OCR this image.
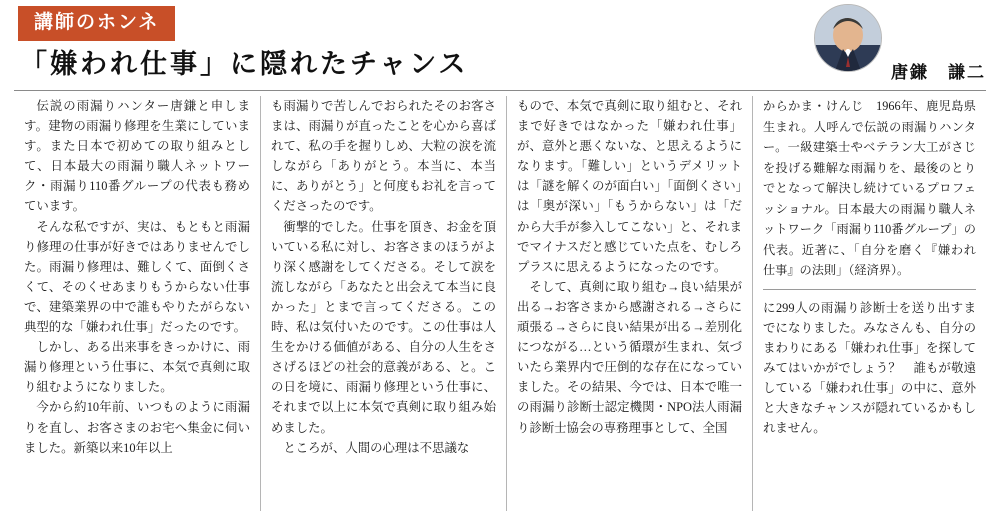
講師のホンネ
「嫌われ仕事」に隠れたチャンス	唐鎌　謙二

伝説の雨漏りハンター唐鎌と申します。建物の雨漏り修理を生業にしています。また日本で初めての取り組みとして、日本最大の雨漏り職人ネットワーク・雨漏り110番グループの代表も務めています。

そんな私ですが、実は、もともと雨漏り修理の仕事が好きではありませんでした。雨漏り修理は、難しくて、面倒くさくて、そのくせあまりもうからない仕事で、建築業界の中で誰もやりたがらない典型的な「嫌われ仕事」だったのです。

しかし、ある出来事をきっかけに、雨漏り修理という仕事に、本気で真剣に取り組むようになりました。

今から約10年前、いつものように雨漏りを直し、お客さまのお宅へ集金に伺いました。新築以来10年以上

も雨漏りで苦しんでおられたそのお客さまは、雨漏りが直ったことを心から喜ばれて、私の手を握りしめ、大粒の涙を流しながら「ありがとう。本当に、本当に、ありがとう」と何度もお礼を言ってくださったのです。

衝撃的でした。仕事を頂き、お金を頂いている私に対し、お客さまのほうがより深く感謝をしてくださる。そして涙を流しながら「あなたと出会えて本当に良かった」とまで言ってくださる。この時、私は気付いたのです。この仕事は人生をかける価値がある、自分の人生をささげるほどの社会的意義がある、と。この日を境に、雨漏り修理という仕事に、それまで以上に本気で真剣に取り組み始めました。

ところが、人間の心理は不思議な

もので、本気で真剣に取り組むと、それまで好きではなかった「嫌われ仕事」が、意外と悪くないな、と思えるようになります。「難しい」というデメリットは「謎を解くのが面白い」「面倒くさい」は「奥が深い」「もうからない」は「だから大手が参入してこない」と、それまでマイナスだと感じていた点を、むしろプラスに思えるようになったのです。

そして、真剣に取り組む→良い結果が出る→お客さまから感謝される→さらに頑張る→さらに良い結果が出る→差別化につながる…という循環が生まれ、気づいたら業界内で圧倒的な存在になっていました。その結果、今では、日本で唯一の雨漏り診断士認定機関・NPO法人雨漏り診断士協会の専務理事として、全国

からかま・けんじ　1966年、鹿児島県生まれ。人呼んで伝説の雨漏りハンター。一級建築士やベテラン大工がさじを投げる難解な雨漏りを、最後のとりでとなって解決し続けているプロフェッショナル。日本最大の雨漏り職人ネットワーク「雨漏り110番グループ」の代表。近著に、「自分を磨く『嫌われ仕事』の法則」（経済界）。

に299人の雨漏り診断士を送り出すまでになりました。みなさんも、自分のまわりにある「嫌われ仕事」を探してみてはいかがでしょう？　誰もが敬遠している「嫌われ仕事」の中に、意外と大きなチャンスが隠れているかもしれません。
